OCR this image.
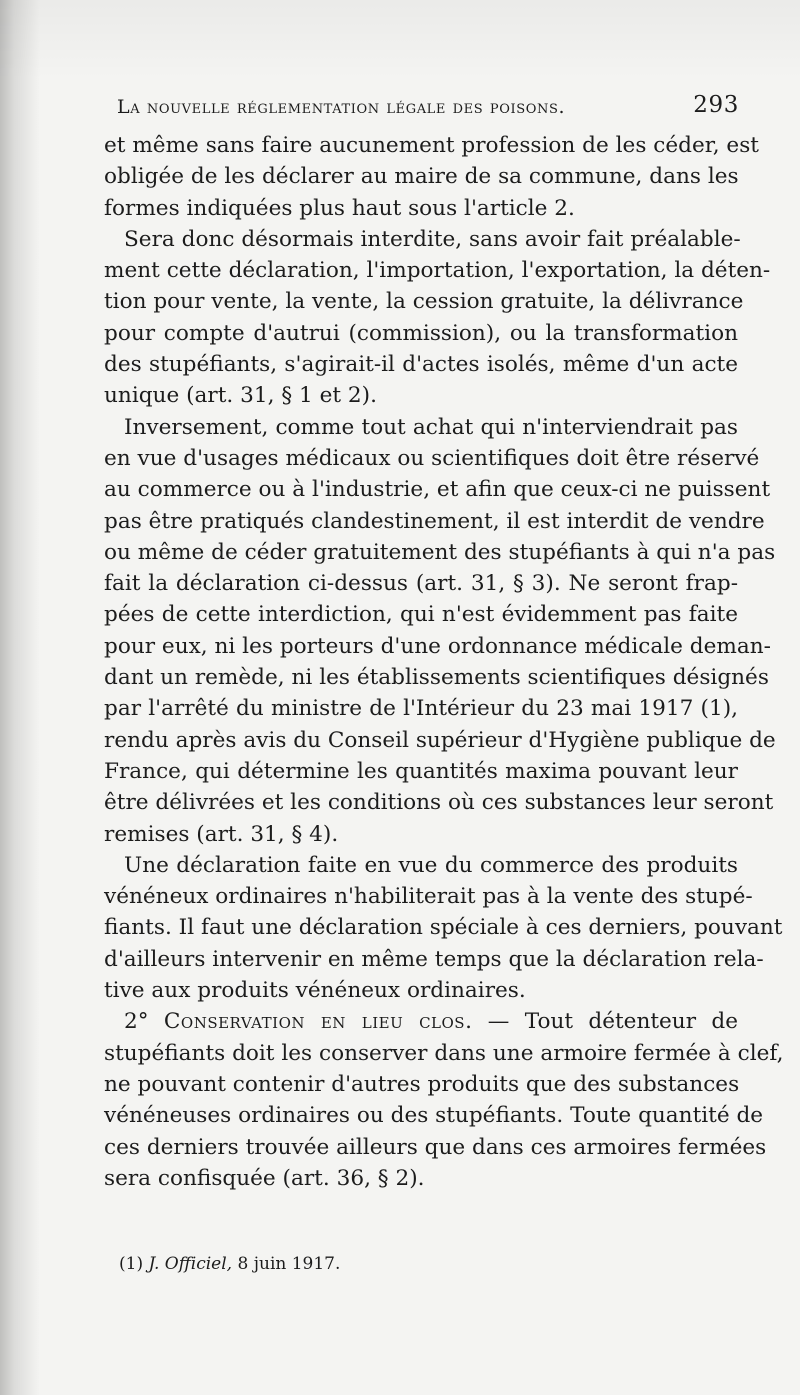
La nouvelle réglementation légale des poisons.	293
et même sans faire aucunement profession de les céder, est
obligée de les déclarer au maire de sa commune, dans les
formes indiquées plus haut sous l'article 2.
Sera donc désormais interdite, sans avoir fait préalable-
ment cette déclaration, l'importation, l'exportation, la déten-
tion pour vente, la vente, la cession gratuite, la délivrance
pour compte d'autrui (commission), ou la transformation
des stupéfiants, s'agirait-il d'actes isolés, même d'un acte
unique (art. 31, § 1 et 2).
Inversement, comme tout achat qui n'interviendrait pas
en vue d'usages médicaux ou scientifiques doit être réservé
au commerce ou à l'industrie, et afin que ceux-ci ne puissent
pas être pratiqués clandestinement, il est interdit de vendre
ou même de céder gratuitement des stupéfiants à qui n'a pas
fait la déclaration ci-dessus (art. 31, § 3). Ne seront frap-
pées de cette interdiction, qui n'est évidemment pas faite
pour eux, ni les porteurs d'une ordonnance médicale deman-
dant un remède, ni les établissements scientifiques désignés
par l'arrêté du ministre de l'Intérieur du 23 mai 1917 (1),
rendu après avis du Conseil supérieur d'Hygiène publique de
France, qui détermine les quantités maxima pouvant leur
être délivrées et les conditions où ces substances leur seront
remises (art. 31, § 4).
Une déclaration faite en vue du commerce des produits
vénéneux ordinaires n'habiliterait pas à la vente des stupé-
fiants. Il faut une déclaration spéciale à ces derniers, pouvant
d'ailleurs intervenir en même temps que la déclaration rela-
tive aux produits vénéneux ordinaires.
2° Conservation en lieu clos. — Tout détenteur de
stupéfiants doit les conserver dans une armoire fermée à clef,
ne pouvant contenir d'autres produits que des substances
vénéneuses ordinaires ou des stupéfiants. Toute quantité de
ces derniers trouvée ailleurs que dans ces armoires fermées
sera confisquée (art. 36, § 2).
(1) J. Officiel, 8 juin 1917.
